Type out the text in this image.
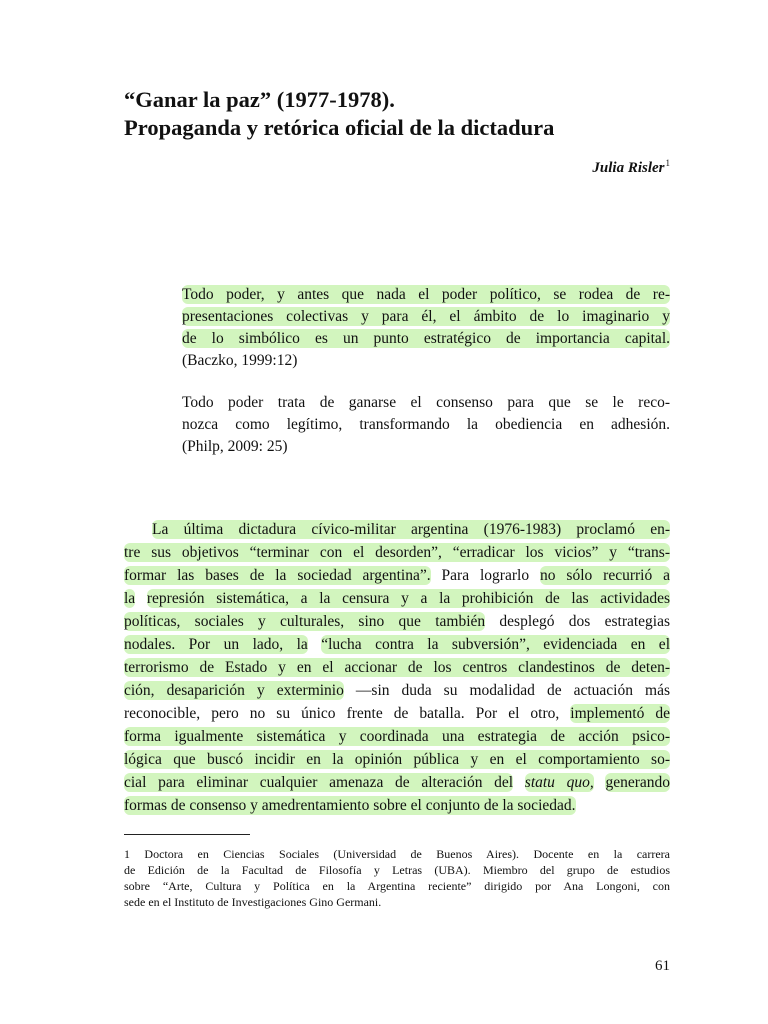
“Ganar la paz” (1977-1978).
Propaganda y retórica oficial de la dictadura
Julia Risler$^1$
Todo poder, y antes que nada el poder político, se rodea de re-
presentaciones colectivas y para él, el ámbito de lo imaginario y
de lo simbólico es un punto estratégico de importancia capital.
(Baczko, 1999:12)
Todo poder trata de ganarse el consenso para que se le reco-
nozca como legítimo, transformando la obediencia en adhesión.
(Philp, 2009: 25)
La última dictadura cívico-militar argentina (1976-1983) proclamó en-
tre sus objetivos “terminar con el desorden”, “erradicar los vicios” y “trans-
formar las bases de la sociedad argentina”. Para lograrlo no sólo recurrió a
la represión sistemática, a la censura y a la prohibición de las actividades
políticas, sociales y culturales, sino que también desplegó dos estrategias
nodales. Por un lado, la “lucha contra la subversión”, evidenciada en el
terrorismo de Estado y en el accionar de los centros clandestinos de deten-
ción, desaparición y exterminio —sin duda su modalidad de actuación más
reconocible, pero no su único frente de batalla. Por el otro, implementó de
forma igualmente sistemática y coordinada una estrategia de acción psico-
lógica que buscó incidir en la opinión pública y en el comportamiento so-
cial para eliminar cualquier amenaza de alteración del statu quo, generando
formas de consenso y amedrentamiento sobre el conjunto de la sociedad.
1 Doctora en Ciencias Sociales (Universidad de Buenos Aires). Docente en la carrera
de Edición de la Facultad de Filosofía y Letras (UBA). Miembro del grupo de estudios
sobre “Arte, Cultura y Política en la Argentina reciente” dirigido por Ana Longoni, con
sede en el Instituto de Investigaciones Gino Germani.
61
